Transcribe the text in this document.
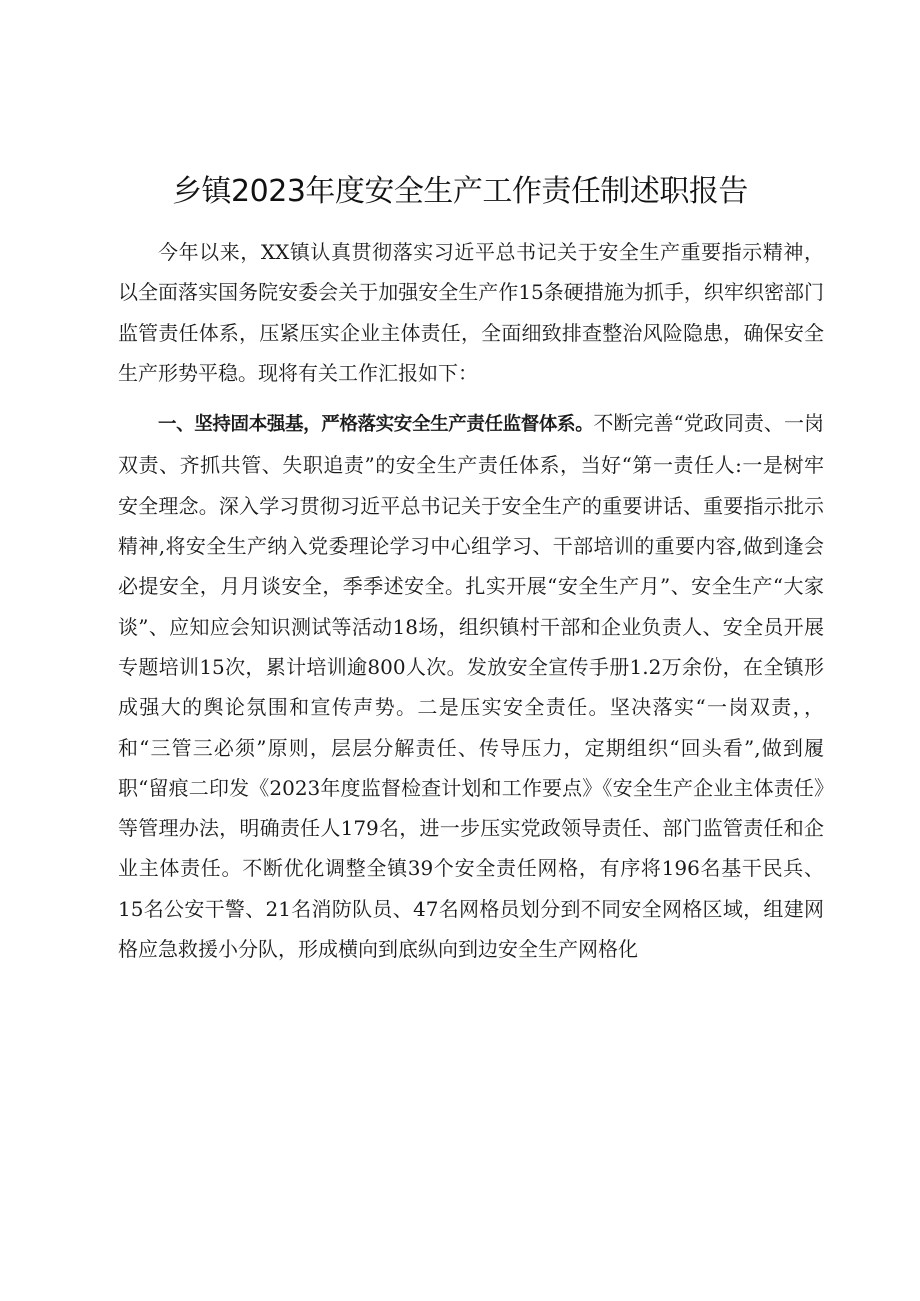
乡镇2023年度安全生产工作责任制述职报告

今年以来，XX镇认真贯彻落实习近平总书记关于安全生产重要指示精神，以全面落实国务院安委会关于加强安全生产作15条硬措施为抓手，织牢织密部门监管责任体系，压紧压实企业主体责任，全面细致排查整治风险隐患，确保安全生产形势平稳。现将有关工作汇报如下：

一、坚持固本强基，严格落实安全生产责任监督体系。不断完善“党政同责、一岗双责、齐抓共管、失职追责”的安全生产责任体系，当好“第一责任人:一是树牢安全理念。深入学习贯彻习近平总书记关于安全生产的重要讲话、重要指示批示精神,将安全生产纳入党委理论学习中心组学习、干部培训的重要内容,做到逢会必提安全，月月谈安全，季季述安全。扎实开展“安全生产月”、安全生产“大家谈”、应知应会知识测试等活动18场，组织镇村干部和企业负责人、安全员开展专题培训15次，累计培训逾800人次。发放安全宣传手册1.2万余份，在全镇形成强大的舆论氛围和宣传声势。二是压实安全责任。坚决落实“一岗双责，，和“三管三必须”原则，层层分解责任、传导压力，定期组织“回头看”,做到履职“留痕二印发《2023年度监督检查计划和工作要点》《安全生产企业主体责任》等管理办法，明确责任人179名，进一步压实党政领导责任、部门监管责任和企业主体责任。不断优化调整全镇39个安全责任网格，有序将196名基干民兵、15名公安干警、21名消防队员、47名网格员划分到不同安全网格区域，组建网格应急救援小分队，形成横向到底纵向到边安全生产网格化
